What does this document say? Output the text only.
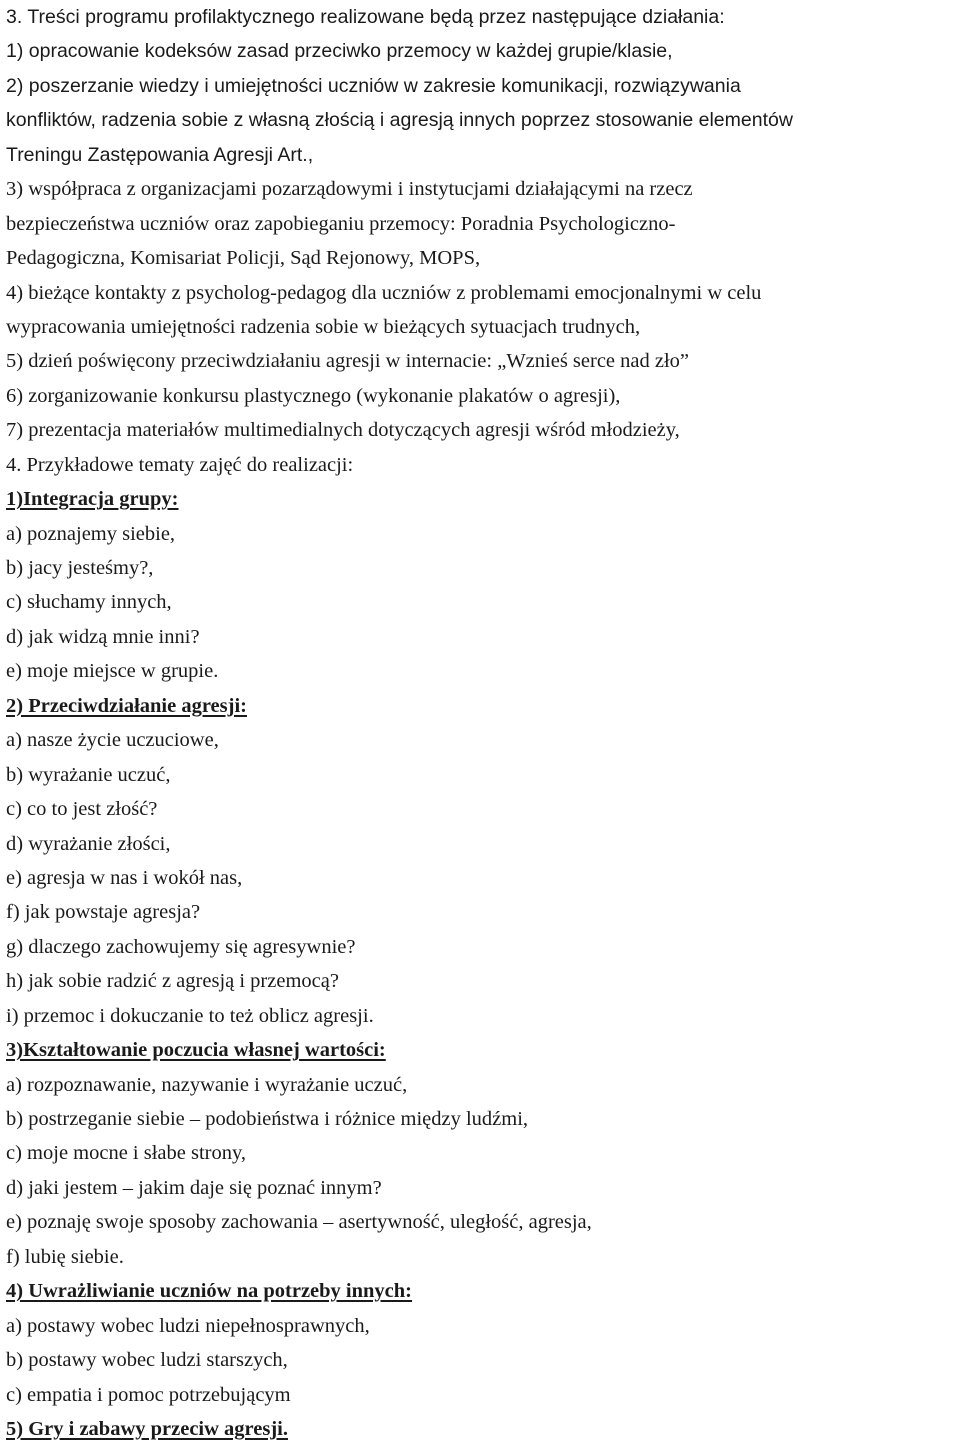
3. Treści programu profilaktycznego realizowane będą przez następujące działania:
1) opracowanie kodeksów zasad przeciwko przemocy w każdej grupie/klasie,
2) poszerzanie wiedzy i umiejętności uczniów w zakresie komunikacji, rozwiązywania
konfliktów, radzenia sobie z własną złością i agresją innych poprzez stosowanie elementów
Treningu Zastępowania Agresji Art.,
3) współpraca z organizacjami pozarządowymi i instytucjami działającymi na rzecz
bezpieczeństwa uczniów oraz zapobieganiu przemocy: Poradnia Psychologiczno-
Pedagogiczna, Komisariat Policji, Sąd Rejonowy, MOPS,
4) bieżące kontakty z psycholog-pedagog dla uczniów z problemami emocjonalnymi w celu
wypracowania umiejętności radzenia sobie w bieżących sytuacjach trudnych,
5) dzień poświęcony przeciwdziałaniu agresji w internacie: „Wznieś serce nad zło”
6) zorganizowanie konkursu plastycznego (wykonanie plakatów o agresji),
7) prezentacja materiałów multimedialnych dotyczących agresji wśród młodzieży,
4. Przykładowe tematy zajęć do realizacji:
1)Integracja grupy:
a) poznajemy siebie,
b) jacy jesteśmy?,
c) słuchamy innych,
d) jak widzą mnie inni?
e) moje miejsce w grupie.
2) Przeciwdziałanie agresji:
a) nasze życie uczuciowe,
b) wyrażanie uczuć,
c) co to jest złość?
d) wyrażanie złości,
e) agresja w nas i wokół nas,
f) jak powstaje agresja?
g) dlaczego zachowujemy się agresywnie?
h) jak sobie radzić z agresją i przemocą?
i) przemoc i dokuczanie to też oblicz agresji.
3)Kształtowanie poczucia własnej wartości:
a) rozpoznawanie, nazywanie i wyrażanie uczuć,
b) postrzeganie siebie – podobieństwa i różnice między ludźmi,
c) moje mocne i słabe strony,
d) jaki jestem – jakim daje się poznać innym?
e) poznaję swoje sposoby zachowania – asertywność, uległość, agresja,
f) lubię siebie.
4) Uwrażliwianie uczniów na potrzeby innych:
a) postawy wobec ludzi niepełnosprawnych,
b) postawy wobec ludzi starszych,
c) empatia i pomoc potrzebującym
5) Gry i zabawy przeciw agresji.
